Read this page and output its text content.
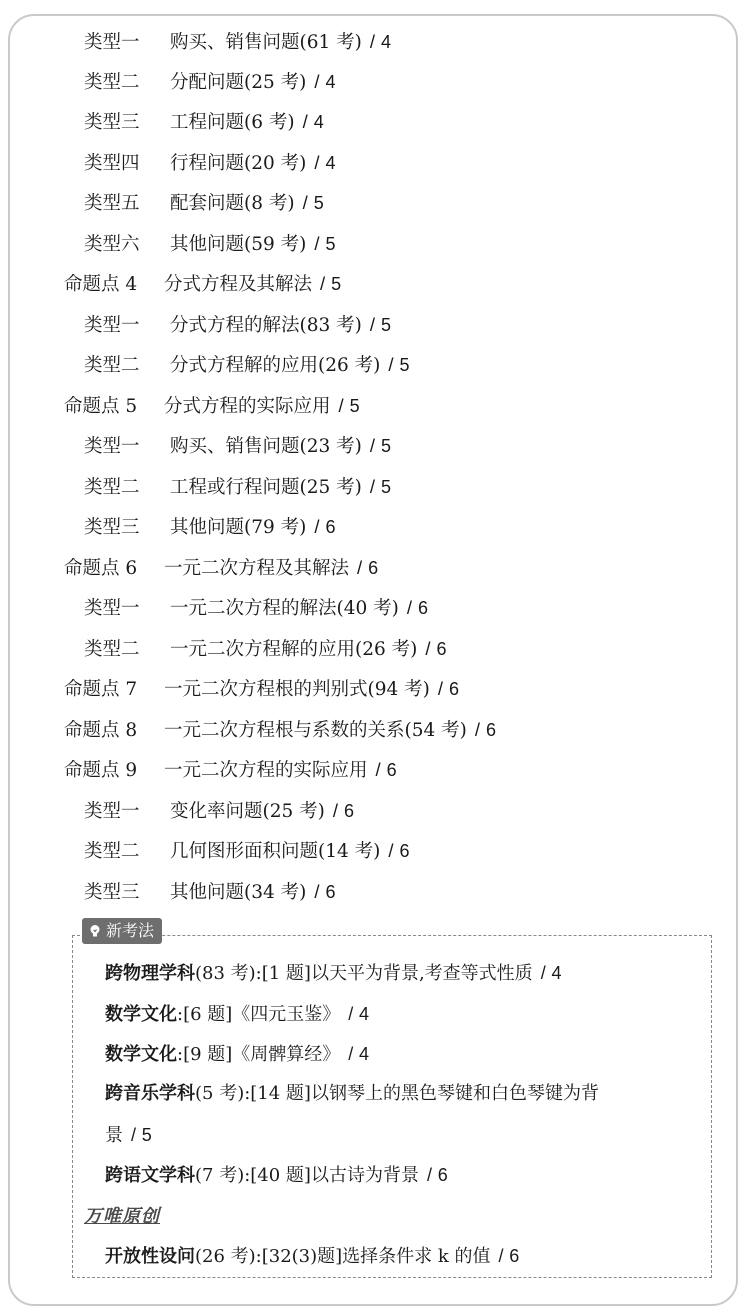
类型一 购买、销售问题(61 考) / 4
类型二 分配问题(25 考) / 4
类型三 工程问题(6 考) / 4
类型四 行程问题(20 考) / 4
类型五 配套问题(8 考) / 5
类型六 其他问题(59 考) / 5
命题点 4 分式方程及其解法 / 5
类型一 分式方程的解法(83 考) / 5
类型二 分式方程解的应用(26 考) / 5
命题点 5 分式方程的实际应用 / 5
类型一 购买、销售问题(23 考) / 5
类型二 工程或行程问题(25 考) / 5
类型三 其他问题(79 考) / 6
命题点 6 一元二次方程及其解法 / 6
类型一 一元二次方程的解法(40 考) / 6
类型二 一元二次方程解的应用(26 考) / 6
命题点 7 一元二次方程根的判别式(94 考) / 6
命题点 8 一元二次方程根与系数的关系(54 考) / 6
命题点 9 一元二次方程的实际应用 / 6
类型一 变化率问题(25 考) / 6
类型二 几何图形面积问题(14 考) / 6
类型三 其他问题(34 考) / 6
新考法
跨物理学科(83 考):[1 题]以天平为背景,考查等式性质 / 4
数学文化:[6 题]《四元玉鉴》 / 4
数学文化:[9 题]《周髀算经》 / 4
跨音乐学科(5 考):[14 题]以钢琴上的黑色琴键和白色琴键为背
景 / 5
跨语文学科(7 考):[40 题]以古诗为背景 / 6
万唯原创
开放性设问(26 考):[32(3)题]选择条件求 k 的值 / 6
